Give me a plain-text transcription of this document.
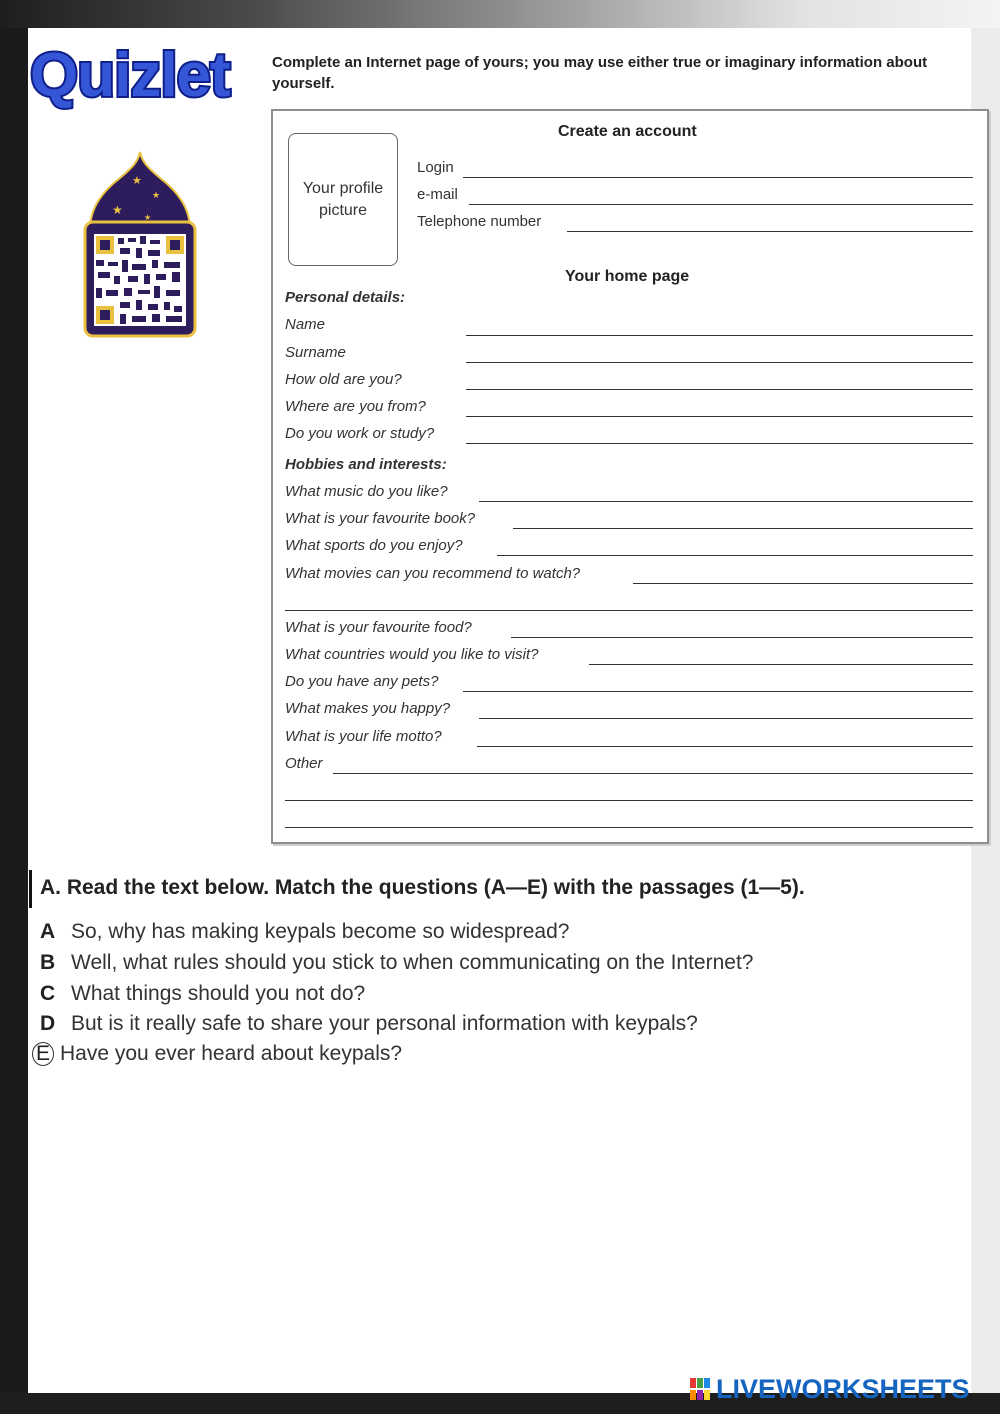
Quizlet
★
★
★
★
Complete an Internet page of yours; you may use either true or imaginary information about yourself.
Create an account
Your profile picture
Login
e-mail
Telephone number
Your home page
Personal details:
Name
Surname
How old are you?
Where are you from?
Do you work or study?
Hobbies and interests:
What music do you like?
What is your favourite book?
What sports do you enjoy?
What movies can you recommend to watch?
What is your favourite food?
What countries would you like to visit?
Do you have any pets?
What makes you happy?
What is your life motto?
Other
A. Read the text below. Match the questions (A—E) with the passages (1—5).
A So, why has making keypals become so widespread?
B Well, what rules should you stick to when communicating on the Internet?
C What things should you not do?
D But is it really safe to share your personal information with keypals?
E Have you ever heard about keypals?
LIVEWORKSHEETS
